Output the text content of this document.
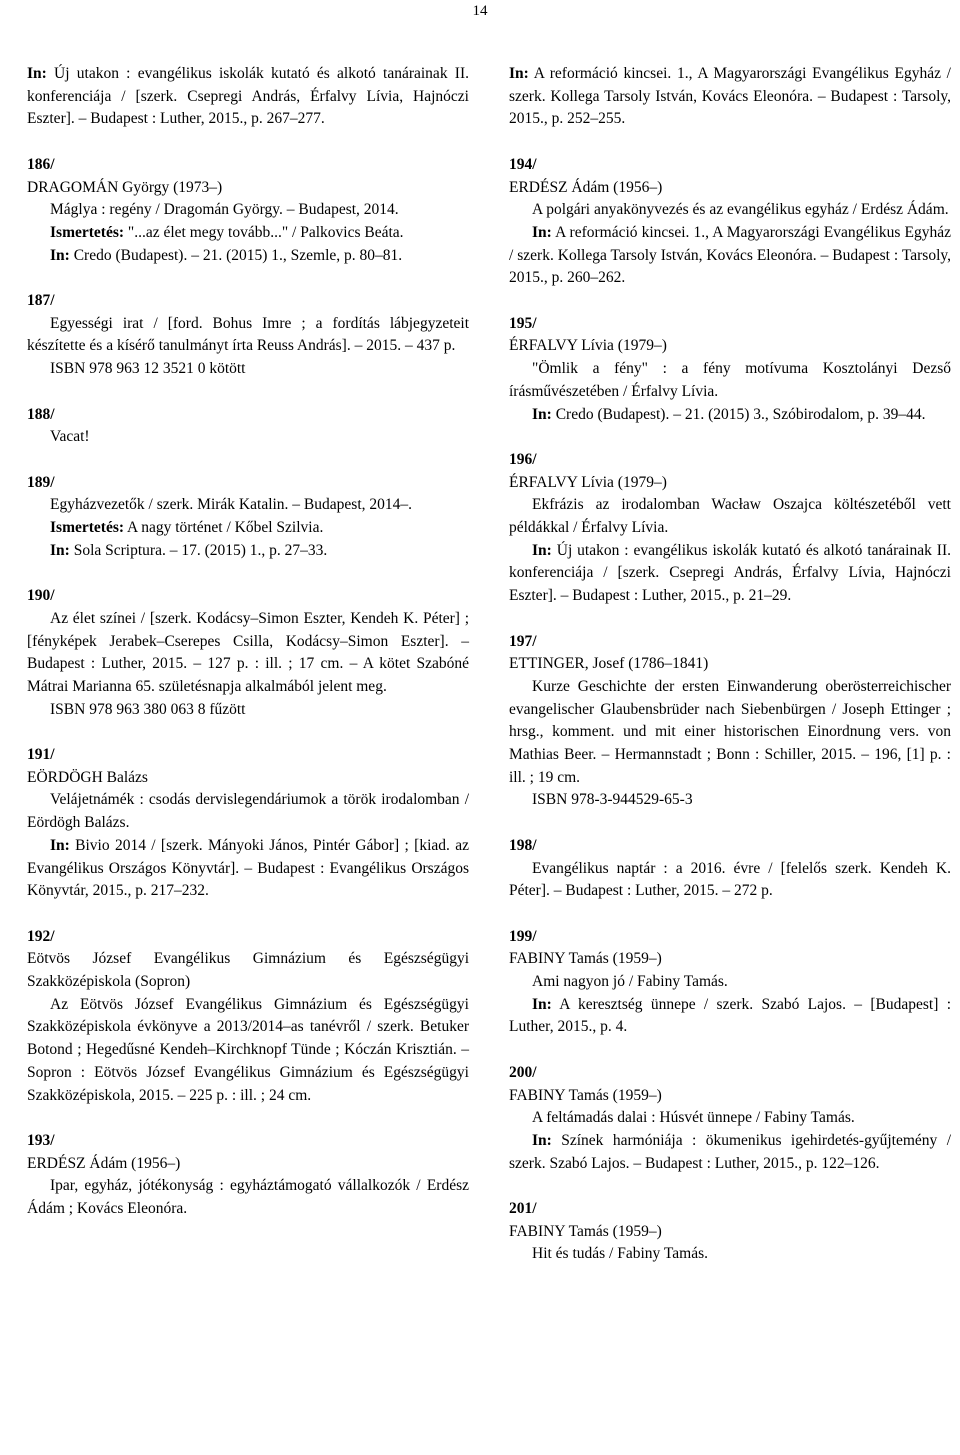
14
In: Új utakon : evangélikus iskolák kutató és alkotó tanárainak II. konferenciája / [szerk. Csepregi András, Érfalvy Lívia, Hajnóczi Eszter]. – Budapest : Luther, 2015., p. 267–277.
186/
DRAGOMÁN György (1973–)
Máglya : regény / Dragomán György. – Budapest, 2014.
Ismertetés: "...az élet megy tovább..." / Palkovics Beáta.
In: Credo (Budapest). – 21. (2015) 1., Szemle, p. 80–81.
187/
Egyességi irat / [ford. Bohus Imre ; a fordítás lábjegyzeteit készítette és a kísérő tanulmányt írta Reuss András]. – 2015. – 437 p.
ISBN 978 963 12 3521 0 kötött
188/
Vacat!
189/
Egyházvezetők / szerk. Mirák Katalin. – Budapest, 2014–.
Ismertetés: A nagy történet / Kőbel Szilvia.
In: Sola Scriptura. – 17. (2015) 1., p. 27–33.
190/
Az élet színei / [szerk. Kodácsy–Simon Eszter, Kendeh K. Péter] ; [fényképek Jerabek–Cserepes Csilla, Kodácsy–Simon Eszter]. – Budapest : Luther, 2015. – 127 p. : ill. ; 17 cm. – A kötet Szabóné Mátrai Marianna 65. születésnapja alkalmából jelent meg.
ISBN 978 963 380 063 8 fűzött
191/
EÖRDÖGH Balázs
Velájetnámék : csodás dervislegendáriumok a török irodalomban / Eördögh Balázs.
In: Bivio 2014 / [szerk. Mányoki János, Pintér Gábor] ; [kiad. az Evangélikus Országos Könyvtár]. – Budapest : Evangélikus Országos Könyvtár, 2015., p. 217–232.
192/
Eötvös József Evangélikus Gimnázium és Egészségügyi Szakközépiskola (Sopron)
Az Eötvös József Evangélikus Gimnázium és Egészségügyi Szakközépiskola évkönyve a 2013/2014–as tanévről / szerk. Betuker Botond ; Hegedűsné Kendeh–Kirchknopf Tünde ; Kóczán Krisztián. – Sopron : Eötvös József Evangélikus Gimnázium és Egészségügyi Szakközépiskola, 2015. – 225 p. : ill. ; 24 cm.
193/
ERDÉSZ Ádám (1956–)
Ipar, egyház, jótékonyság : egyháztámogató vállalkozók / Erdész Ádám ; Kovács Eleonóra.
In: A reformáció kincsei. 1., A Magyarországi Evangélikus Egyház / szerk. Kollega Tarsoly István, Kovács Eleonóra. – Budapest : Tarsoly, 2015., p. 252–255.
194/
ERDÉSZ Ádám (1956–)
A polgári anyakönyvezés és az evangélikus egyház / Erdész Ádám.
In: A reformáció kincsei. 1., A Magyarországi Evangélikus Egyház / szerk. Kollega Tarsoly István, Kovács Eleonóra. – Budapest : Tarsoly, 2015., p. 260–262.
195/
ÉRFALVY Lívia (1979–)
"Ömlik a fény" : a fény motívuma Kosztolányi Dezső írásművészetében / Érfalvy Lívia.
In: Credo (Budapest). – 21. (2015) 3., Szóbirodalom, p. 39–44.
196/
ÉRFALVY Lívia (1979–)
Ekfrázis az irodalomban Wacław Oszajca költészetéből vett példákkal / Érfalvy Lívia.
In: Új utakon : evangélikus iskolák kutató és alkotó tanárainak II. konferenciája / [szerk. Csepregi András, Érfalvy Lívia, Hajnóczi Eszter]. – Budapest : Luther, 2015., p. 21–29.
197/
ETTINGER, Josef (1786–1841)
Kurze Geschichte der ersten Einwanderung oberösterreichischer evangelischer Glaubensbrüder nach Siebenbürgen / Joseph Ettinger ; hrsg., komment. und mit einer historischen Einordnung vers. von Mathias Beer. – Hermannstadt ; Bonn : Schiller, 2015. – 196, [1] p. : ill. ; 19 cm.
ISBN 978-3-944529-65-3
198/
Evangélikus naptár : a 2016. évre / [felelős szerk. Kendeh K. Péter]. – Budapest : Luther, 2015. – 272 p.
199/
FABINY Tamás (1959–)
Ami nagyon jó / Fabiny Tamás.
In: A keresztség ünnepe / szerk. Szabó Lajos. – [Budapest] : Luther, 2015., p. 4.
200/
FABINY Tamás (1959–)
A feltámadás dalai : Húsvét ünnepe / Fabiny Tamás.
In: Színek harmóniája : ökumenikus igehirdetés-gyűjtemény / szerk. Szabó Lajos. – Budapest : Luther, 2015., p. 122–126.
201/
FABINY Tamás (1959–)
Hit és tudás / Fabiny Tamás.
